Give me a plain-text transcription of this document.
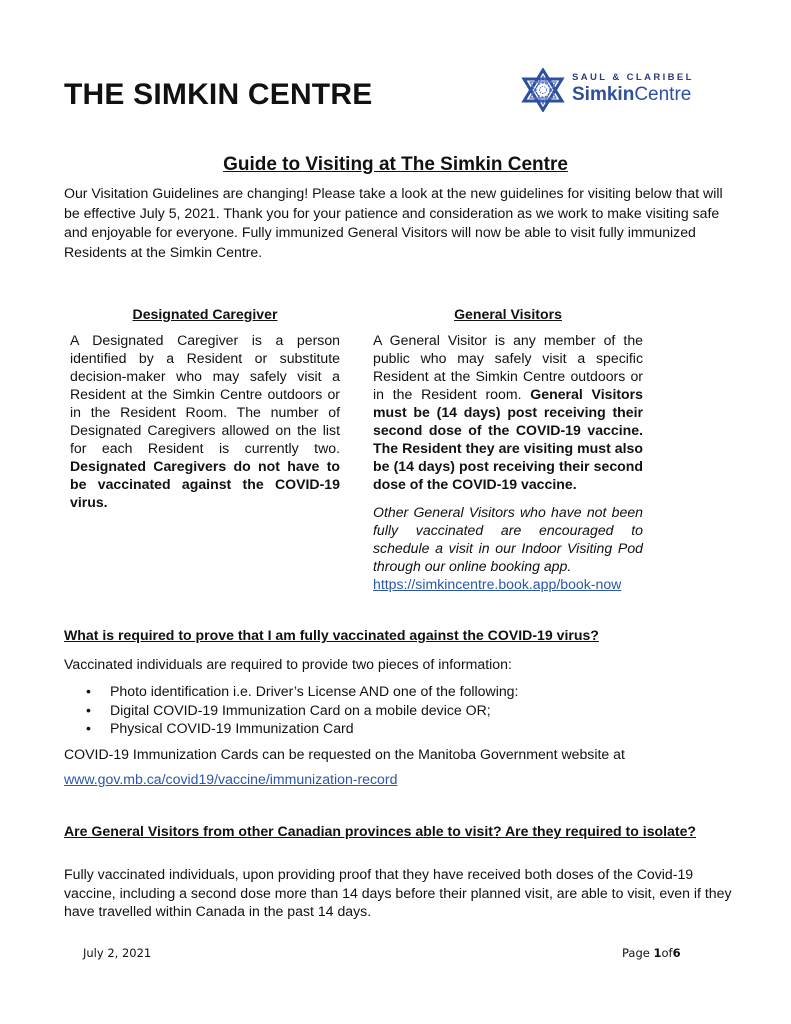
THE SIMKIN CENTRE
SAUL & CLARIBEL
SimkinCentre
Guide to Visiting at The Simkin Centre

Our Visitation Guidelines are changing! Please take a look at the new guidelines for visiting below that will be effective July 5, 2021. Thank you for your patience and consideration as we work to make visiting safe and enjoyable for everyone. Fully immunized General Visitors will now be able to visit fully immunized Residents at the Simkin Centre.

Designated Caregiver

A Designated Caregiver is a person identified by a Resident or substitute decision-maker who may safely visit a Resident at the Simkin Centre outdoors or in the Resident Room. The number of Designated Caregivers allowed on the list for each Resident is currently two. Designated Caregivers do not have to be vaccinated against the COVID-19 virus.

General Visitors

A General Visitor is any member of the public who may safely visit a specific Resident at the Simkin Centre outdoors or in the Resident room. General Visitors must be (14 days) post receiving their second dose of the COVID-19 vaccine. The Resident they are visiting must also be (14 days) post receiving their second dose of the COVID-19 vaccine.

Other General Visitors who have not been fully vaccinated are encouraged to schedule a visit in our Indoor Visiting Pod through our online booking app.
https://simkincentre.book.app/book-now

What is required to prove that I am fully vaccinated against the COVID-19 virus?

Vaccinated individuals are required to provide two pieces of information:

• Photo identification i.e. Driver’s License AND one of the following:
• Digital COVID-19 Immunization Card on a mobile device OR;
• Physical COVID-19 Immunization Card

COVID-19 Immunization Cards can be requested on the Manitoba Government website at

www.gov.mb.ca/covid19/vaccine/immunization-record

Are General Visitors from other Canadian provinces able to visit? Are they required to isolate?

Fully vaccinated individuals, upon providing proof that they have received both doses of the Covid-19 vaccine, including a second dose more than 14 days before their planned visit, are able to visit, even if they have travelled within Canada in the past 14 days.

July 2, 2021	Page 1of6
